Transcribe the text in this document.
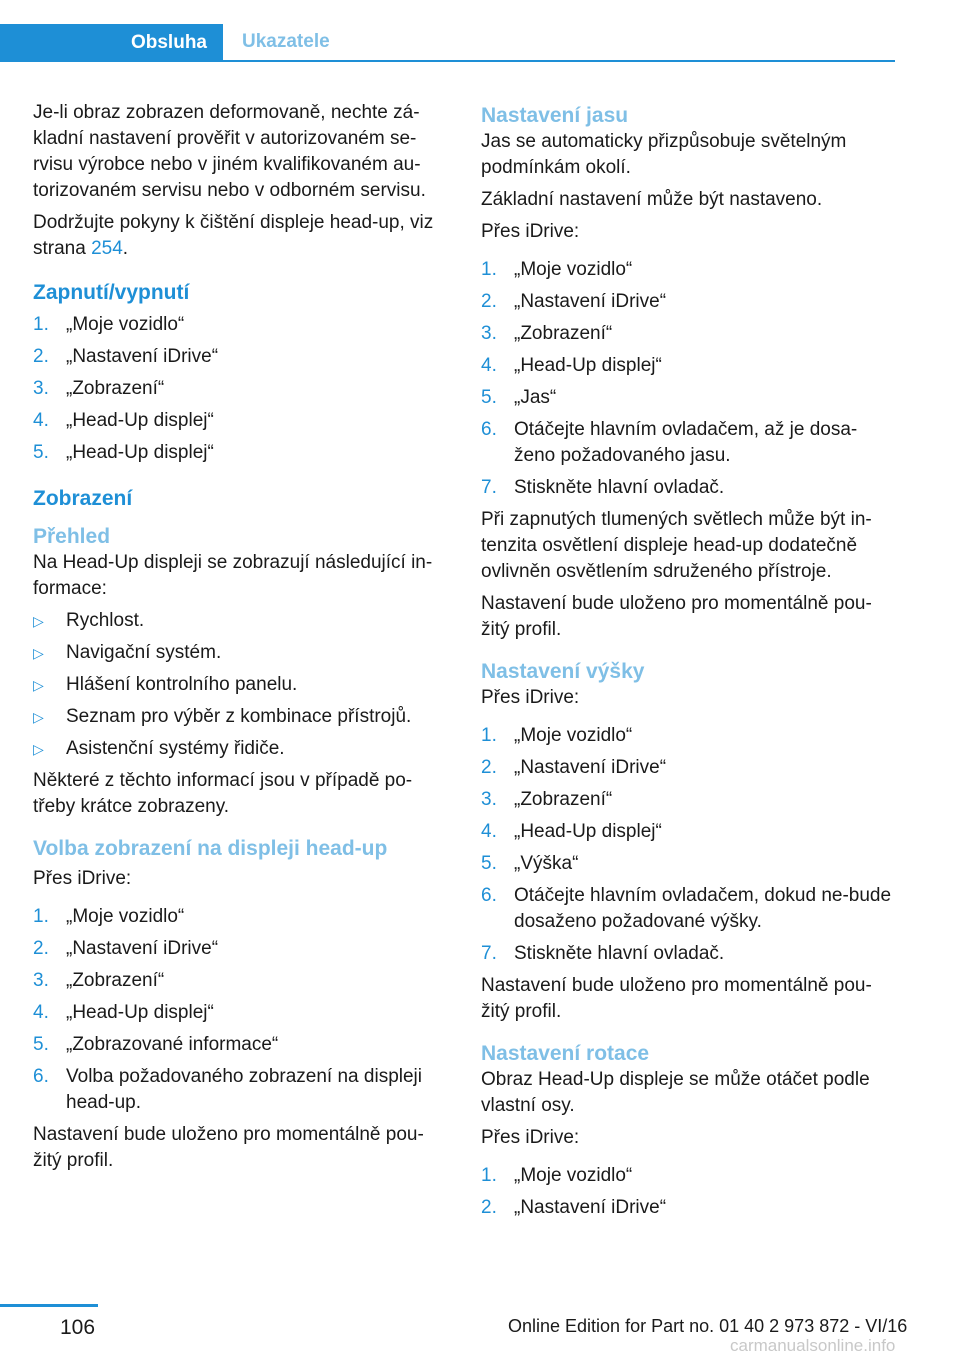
Obsluha	Ukazatele

Je-li obraz zobrazen deformovaně, nechte zá-kladní nastavení prověřit v autorizovaném se-rvisu výrobce nebo v jiném kvalifikovaném au-torizovaném servisu nebo v odborném servisu.

Dodržujte pokyny k čištění displeje head-up, viz strana 254.

Zapnutí/vypnutí
1. „Moje vozidlo“
2. „Nastavení iDrive“
3. „Zobrazení“
4. „Head-Up displej“
5. „Head-Up displej“
Zobrazení
Přehled

Na Head-Up displeji se zobrazují následující in-formace:

▷ Rychlost.
▷ Navigační systém.
▷ Hlášení kontrolního panelu.
▷ Seznam pro výběr z kombinace přístrojů.
▷ Asistenční systémy řidiče.

Některé z těchto informací jsou v případě po-třeby krátce zobrazeny.

Volba zobrazení na displeji head-up

Přes iDrive:

1. „Moje vozidlo“
2. „Nastavení iDrive“
3. „Zobrazení“
4. „Head-Up displej“
5. „Zobrazované informace“
6. Volba požadovaného zobrazení na displeji head-up.

Nastavení bude uloženo pro momentálně pou-žitý profil.

Nastavení jasu

Jas se automaticky přizpůsobuje světelným podmínkám okolí.

Základní nastavení může být nastaveno.

Přes iDrive:

1. „Moje vozidlo“
2. „Nastavení iDrive“
3. „Zobrazení“
4. „Head-Up displej“
5. „Jas“
6. Otáčejte hlavním ovladačem, až je dosa-ženo požadovaného jasu.
7. Stiskněte hlavní ovladač.

Při zapnutých tlumených světlech může být in-tenzita osvětlení displeje head-up dodatečně ovlivněn osvětlením sdruženého přístroje.

Nastavení bude uloženo pro momentálně pou-žitý profil.

Nastavení výšky

Přes iDrive:

1. „Moje vozidlo“
2. „Nastavení iDrive“
3. „Zobrazení“
4. „Head-Up displej“
5. „Výška“
6. Otáčejte hlavním ovladačem, dokud ne-bude dosaženo požadované výšky.
7. Stiskněte hlavní ovladač.

Nastavení bude uloženo pro momentálně pou-žitý profil.

Nastavení rotace

Obraz Head-Up displeje se může otáčet podle vlastní osy.

Přes iDrive:

1. „Moje vozidlo“
2. „Nastavení iDrive“
106	Online Edition for Part no. 01 40 2 973 872 - VI/16
carmanualsonline.info
